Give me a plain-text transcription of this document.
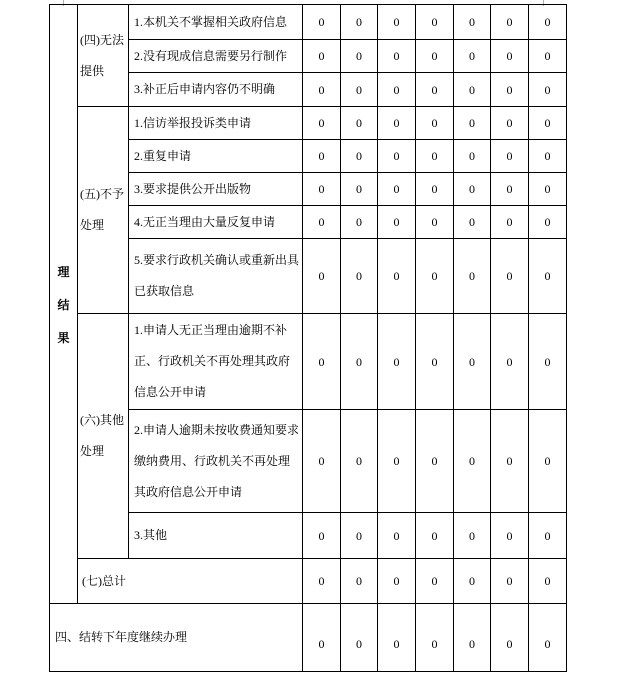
理
结
果	(四)无法提供	1.本机关不掌握相关政府信息	0	0	0	0	0	0	0
		2.没有现成信息需要另行制作	0	0	0	0	0	0	0
		3.补正后申请内容仍不明确	0	0	0	0	0	0	0
	(五)不予处理	1.信访举报投诉类申请	0	0	0	0	0	0	0
		2.重复申请	0	0	0	0	0	0	0
		3.要求提供公开出版物	0	0	0	0	0	0	0
		4.无正当理由大量反复申请	0	0	0	0	0	0	0
		5.要求行政机关确认或重新出具已获取信息	0	0	0	0	0	0	0
	(六)其他处理	1.申请人无正当理由逾期不补正、行政机关不再处理其政府信息公开申请	0	0	0	0	0	0	0
		2.申请人逾期未按收费通知要求缴纳费用、行政机关不再处理其政府信息公开申请	0	0	0	0	0	0	0
		3.其他	0	0	0	0	0	0	0
	(七)总计		0	0	0	0	0	0	0
四、结转下年度继续办理			0	0	0	0	0	0	0
